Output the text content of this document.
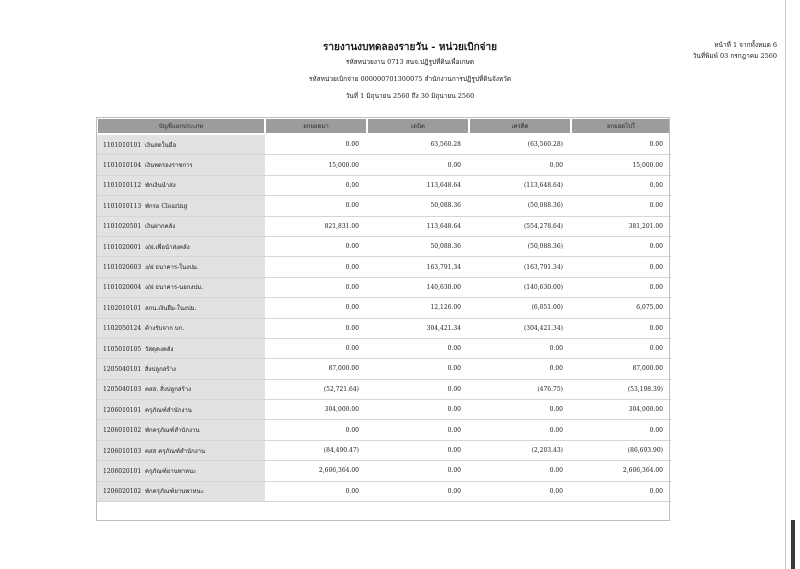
รายงานงบทดลองรายวัน - หน่วยเบิกจ่าย
รหัสหน่วยงาน 0713 สนจ.ปฏิรูปที่ดินเพื่อเกษต
รหัสหน่วยเบิกจ่าย 000000701300075 สำนักงานการปฏิรูปที่ดินจังหวัด
วันที่ 1 มิถุนายน 2560 ถึง 30 มิถุนายน 2560
หน้าที่ 1 จากทั้งหมด 6
วันที่พิมพ์ 03 กรกฎาคม 2560
บัญชีแยกประเภท	ยกยอดมา	เดบิต	เครดิต	ยกยอดไปใ
1101010101 เงินสดในมือ	0.00	63,560.28	(63,560.28)	0.00
1101010104 เงินทดรองราชการ	15,000.00	0.00	0.00	15,000.00
1101010112 พักเงินนำส่ง	0.00	113,648.64	(113,648.64)	0.00
1101010113 พักรอ Clearing	0.00	50,088.36	(50,088.36)	0.00
1101020501 เงินฝากคลัง	821,831.00	113,648.64	(554,278.64)	381,201.00
1101020601 ง/ฝ.เพื่อนำส่งคลัง	0.00	50,088.36	(50,088.36)	0.00
1101020603 ง/ฝ ธนาคาร-ในงปม.	0.00	163,791.34	(163,791.34)	0.00
1101020604 ง/ฝ ธนาคาร-นอกงปม.	0.00	140,630.00	(140,630.00)	0.00
1102010101 ลกน.เงินยืม-ในงปม.	0.00	12,126.00	(6,051.00)	6,075.00
1102050124 ค้างรับจาก บก.	0.00	304,421.34	(304,421.34)	0.00
1105010105 วัสดุคงคลัง	0.00	0.00	0.00	0.00
1205040101 สิ่งปลูกสร้าง	87,000.00	0.00	0.00	87,000.00
1205040103 คสส. สิ่งปลูกสร้าง	(52,721.64)	0.00	(476.75)	(53,198.39)
1206010101 ครุภัณฑ์สำนักงาน	304,000.00	0.00	0.00	304,000.00
1206010102 พักครุภัณฑ์สำนักงาน	0.00	0.00	0.00	0.00
1206010103 คสส ครุภัณฑ์สำนักงาน	(84,490.47)	0.00	(2,203.43)	(86,693.90)
1206020101 ครุภัณฑ์ยานพาหนะ	2,606,364.00	0.00	0.00	2,606,364.00
1206020102 พักครุภัณฑ์ยานพาหนะ	0.00	0.00	0.00	0.00
